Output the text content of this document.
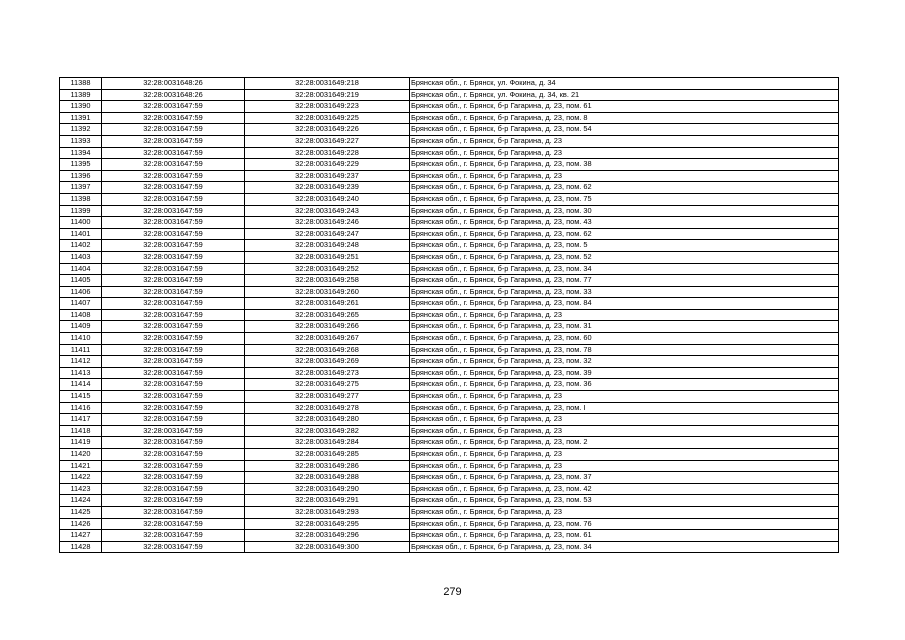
11388	32:28:0031648:26	32:28:0031649:218	Брянская обл., г. Брянск, ул. Фокина, д. 34
11389	32:28:0031648:26	32:28:0031649:219	Брянская обл., г. Брянск, ул. Фокина, д. 34, кв. 21
11390	32:28:0031647:59	32:28:0031649:223	Брянская обл., г. Брянск, б-р Гагарина, д. 23, пом. 61
11391	32:28:0031647:59	32:28:0031649:225	Брянская обл., г. Брянск, б-р Гагарина, д. 23, пом. 8
11392	32:28:0031647:59	32:28:0031649:226	Брянская обл., г. Брянск, б-р Гагарина, д. 23, пом. 54
11393	32:28:0031647:59	32:28:0031649:227	Брянская обл., г. Брянск, б-р Гагарина, д. 23
11394	32:28:0031647:59	32:28:0031649:228	Брянская обл., г. Брянск, б-р Гагарина, д. 23
11395	32:28:0031647:59	32:28:0031649:229	Брянская обл., г. Брянск, б-р Гагарина, д. 23, пом. 38
11396	32:28:0031647:59	32:28:0031649:237	Брянская обл., г. Брянск, б-р Гагарина, д. 23
11397	32:28:0031647:59	32:28:0031649:239	Брянская обл., г. Брянск, б-р Гагарина, д. 23, пом. 62
11398	32:28:0031647:59	32:28:0031649:240	Брянская обл., г. Брянск, б-р Гагарина, д. 23, пом. 75
11399	32:28:0031647:59	32:28:0031649:243	Брянская обл., г. Брянск, б-р Гагарина, д. 23, пом. 30
11400	32:28:0031647:59	32:28:0031649:246	Брянская обл., г. Брянск, б-р Гагарина, д. 23, пом. 43
11401	32:28:0031647:59	32:28:0031649:247	Брянская обл., г. Брянск, б-р Гагарина, д. 23, пом. 62
11402	32:28:0031647:59	32:28:0031649:248	Брянская обл., г. Брянск, б-р Гагарина, д. 23, пом. 5
11403	32:28:0031647:59	32:28:0031649:251	Брянская обл., г. Брянск, б-р Гагарина, д. 23, пом. 52
11404	32:28:0031647:59	32:28:0031649:252	Брянская обл., г. Брянск, б-р Гагарина, д. 23, пом. 34
11405	32:28:0031647:59	32:28:0031649:258	Брянская обл., г. Брянск, б-р Гагарина, д. 23, пом. 77
11406	32:28:0031647:59	32:28:0031649:260	Брянская обл., г. Брянск, б-р Гагарина, д. 23, пом. 33
11407	32:28:0031647:59	32:28:0031649:261	Брянская обл., г. Брянск, б-р Гагарина, д. 23, пом. 84
11408	32:28:0031647:59	32:28:0031649:265	Брянская обл., г. Брянск, б-р Гагарина, д. 23
11409	32:28:0031647:59	32:28:0031649:266	Брянская обл., г. Брянск, б-р Гагарина, д. 23, пом. 31
11410	32:28:0031647:59	32:28:0031649:267	Брянская обл., г. Брянск, б-р Гагарина, д. 23, пом. 60
11411	32:28:0031647:59	32:28:0031649:268	Брянская обл., г. Брянск, б-р Гагарина, д. 23, пом. 78
11412	32:28:0031647:59	32:28:0031649:269	Брянская обл., г. Брянск, б-р Гагарина, д. 23, пом. 32
11413	32:28:0031647:59	32:28:0031649:273	Брянская обл., г. Брянск, б-р Гагарина, д. 23, пом. 39
11414	32:28:0031647:59	32:28:0031649:275	Брянская обл., г. Брянск, б-р Гагарина, д. 23, пом. 36
11415	32:28:0031647:59	32:28:0031649:277	Брянская обл., г. Брянск, б-р Гагарина, д. 23
11416	32:28:0031647:59	32:28:0031649:278	Брянская обл., г. Брянск, б-р Гагарина, д. 23, пом. I
11417	32:28:0031647:59	32:28:0031649:280	Брянская обл., г. Брянск, б-р Гагарина, д. 23
11418	32:28:0031647:59	32:28:0031649:282	Брянская обл., г. Брянск, б-р Гагарина, д. 23
11419	32:28:0031647:59	32:28:0031649:284	Брянская обл., г. Брянск, б-р Гагарина, д. 23, пом. 2
11420	32:28:0031647:59	32:28:0031649:285	Брянская обл., г. Брянск, б-р Гагарина, д. 23
11421	32:28:0031647:59	32:28:0031649:286	Брянская обл., г. Брянск, б-р Гагарина, д. 23
11422	32:28:0031647:59	32:28:0031649:288	Брянская обл., г. Брянск, б-р Гагарина, д. 23, пом. 37
11423	32:28:0031647:59	32:28:0031649:290	Брянская обл., г. Брянск, б-р Гагарина, д. 23, пом. 42
11424	32:28:0031647:59	32:28:0031649:291	Брянская обл., г. Брянск, б-р Гагарина, д. 23, пом. 53
11425	32:28:0031647:59	32:28:0031649:293	Брянская обл., г. Брянск, б-р Гагарина, д. 23
11426	32:28:0031647:59	32:28:0031649:295	Брянская обл., г. Брянск, б-р Гагарина, д. 23, пом. 76
11427	32:28:0031647:59	32:28:0031649:296	Брянская обл., г. Брянск, б-р Гагарина, д. 23, пом. 61
11428	32:28:0031647:59	32:28:0031649:300	Брянская обл., г. Брянск, б-р Гагарина, д. 23, пом. 34
279
